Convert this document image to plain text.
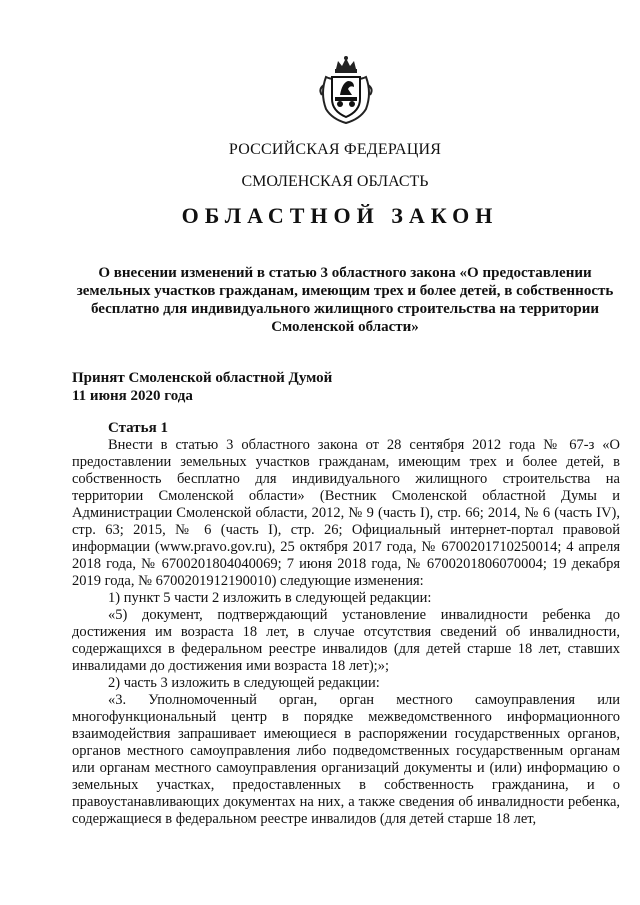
РОССИЙСКАЯ ФЕДЕРАЦИЯ
СМОЛЕНСКАЯ ОБЛАСТЬ
ОБЛАСТНОЙ ЗАКОН
О внесении изменений в статью 3 областного закона «О предоставлении земельных участков гражданам, имеющим трех и более детей, в собственность бесплатно для индивидуального жилищного строительства на территории Смоленской области»
Принят Смоленской областной Думой
11 июня 2020 года
Статья 1

Внести в статью 3 областного закона от 28 сентября 2012 года № 67-з «О предоставлении земельных участков гражданам, имеющим трех и более детей, в собственность бесплатно для индивидуального жилищного строительства на территории Смоленской области» (Вестник Смоленской областной Думы и Администрации Смоленской области, 2012, № 9 (часть I), стр. 66; 2014, № 6 (часть IV), стр. 63; 2015, № 6 (часть I), стр. 26; Официальный интернет-портал правовой информации (www.pravo.gov.ru), 25 октября 2017 года, № 6700201710250014; 4 апреля 2018 года, № 6700201804040069; 7 июня 2018 года, № 6700201806070004; 19 декабря 2019 года, № 6700201912190010) следующие изменения:

1) пункт 5 части 2 изложить в следующей редакции:

«5) документ, подтверждающий установление инвалидности ребенка до достижения им возраста 18 лет, в случае отсутствия сведений об инвалидности, содержащихся в федеральном реестре инвалидов (для детей старше 18 лет, ставших инвалидами до достижения ими возраста 18 лет);»;

2) часть 3 изложить в следующей редакции:

«3. Уполномоченный орган, орган местного самоуправления или многофункциональный центр в порядке межведомственного информационного взаимодействия запрашивает имеющиеся в распоряжении государственных органов, органов местного самоуправления либо подведомственных государственным органам или органам местного самоуправления организаций документы и (или) информацию о земельных участках, предоставленных в собственность гражданина, и о правоустанавливающих документах на них, а также сведения об инвалидности ребенка, содержащиеся в федеральном реестре инвалидов (для детей старше 18 лет,
